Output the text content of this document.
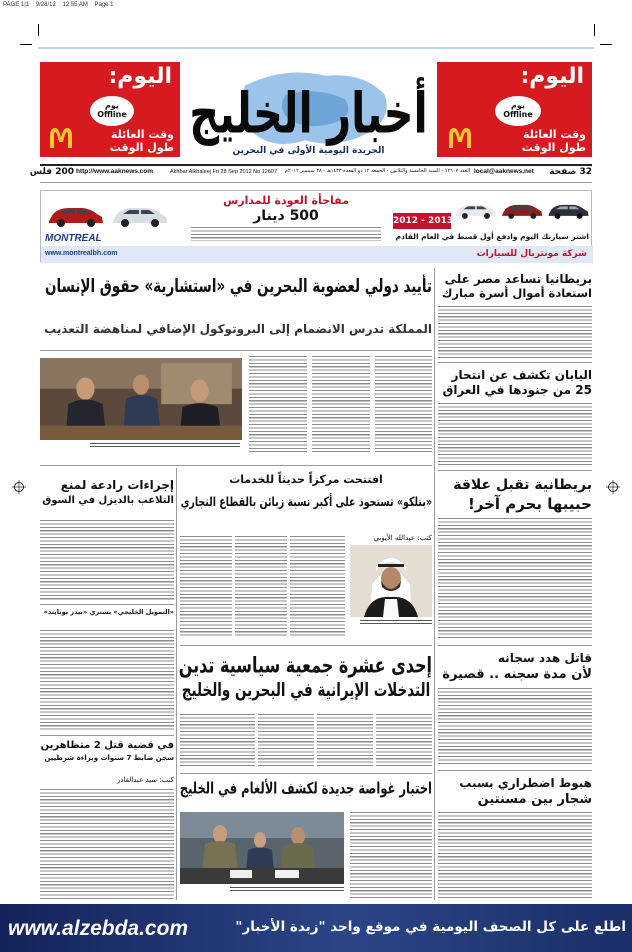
PAGE 1|1    9/28/12    12:55 AM    Page 1
اليوم:
يوم Offline
وقت العائلة طول الوقت
أخبار الخليج
الجريدة اليومية الأولى في البحرين
اليوم:
يوم Offline
وقت العائلة طول الوقت
200 فلس http://www.aaknews.com	Akhbar Alkhaleej Fri 28 Sep 2012 No 12607	العدد ١٢٦٠٧ - السنة الخامسة والثلاثون - الجمعة ١٢ ذو القعدة ١٤٣٣هـ - ٢٨ سبتمبر ٢٠١٢م local@aaknews.net	32 صفحة
MONTREAL
مفاجأة العودة للمدارس
500 دينار	2012 - 2013
اشتر سيارتك اليوم وادفع أول قسط في العام القادم
www.montrealbh.com	شركة مونتريال للسيارات
تأييد دولي لعضوية البحرين في «استشارية» حقوق الإنسان
المملكة تدرس الانضمام إلى البروتوكول الإضافي لمناهضة التعذيب
إجراءات رادعة لمنع
التلاعب بالديزل في السوق
«التمويل الخليجي» يشتري «بيدز يونايتد»
في قضية قتل 2 متظاهرين
سجن ضابط 7 سنوات وبراءة شرطيين
كتب: سيد عبدالقادر
افتتحت مركزاً حديثاً للخدمات
«بتلكو» تستحوذ على أكبر نسبة زبائن بالقطاع التجاري
كتب: عبدالله الأيوبي
إحدى عشرة جمعية سياسية تدين
التدخلات الإيرانية في البحرين والخليج
اختبار غواصة جديدة لكشف الألغام في الخليج
بريطانيا تساعد مصر على
استعادة أموال أسرة مبارك
اليابان تكشف عن انتحار
25 من جنودها في العراق
بريطانية تقبل علاقة
حبيبها بحرم آخر!
قاتل هدد سجانه
لأن مدة سجنه .. قصيرة
هبوط اضطراري بسبب
شجار بين مسنتين
www.alzebda.com	اطلع على كل الصحف اليومية في موقع واحد "زبدة الأخبار"
